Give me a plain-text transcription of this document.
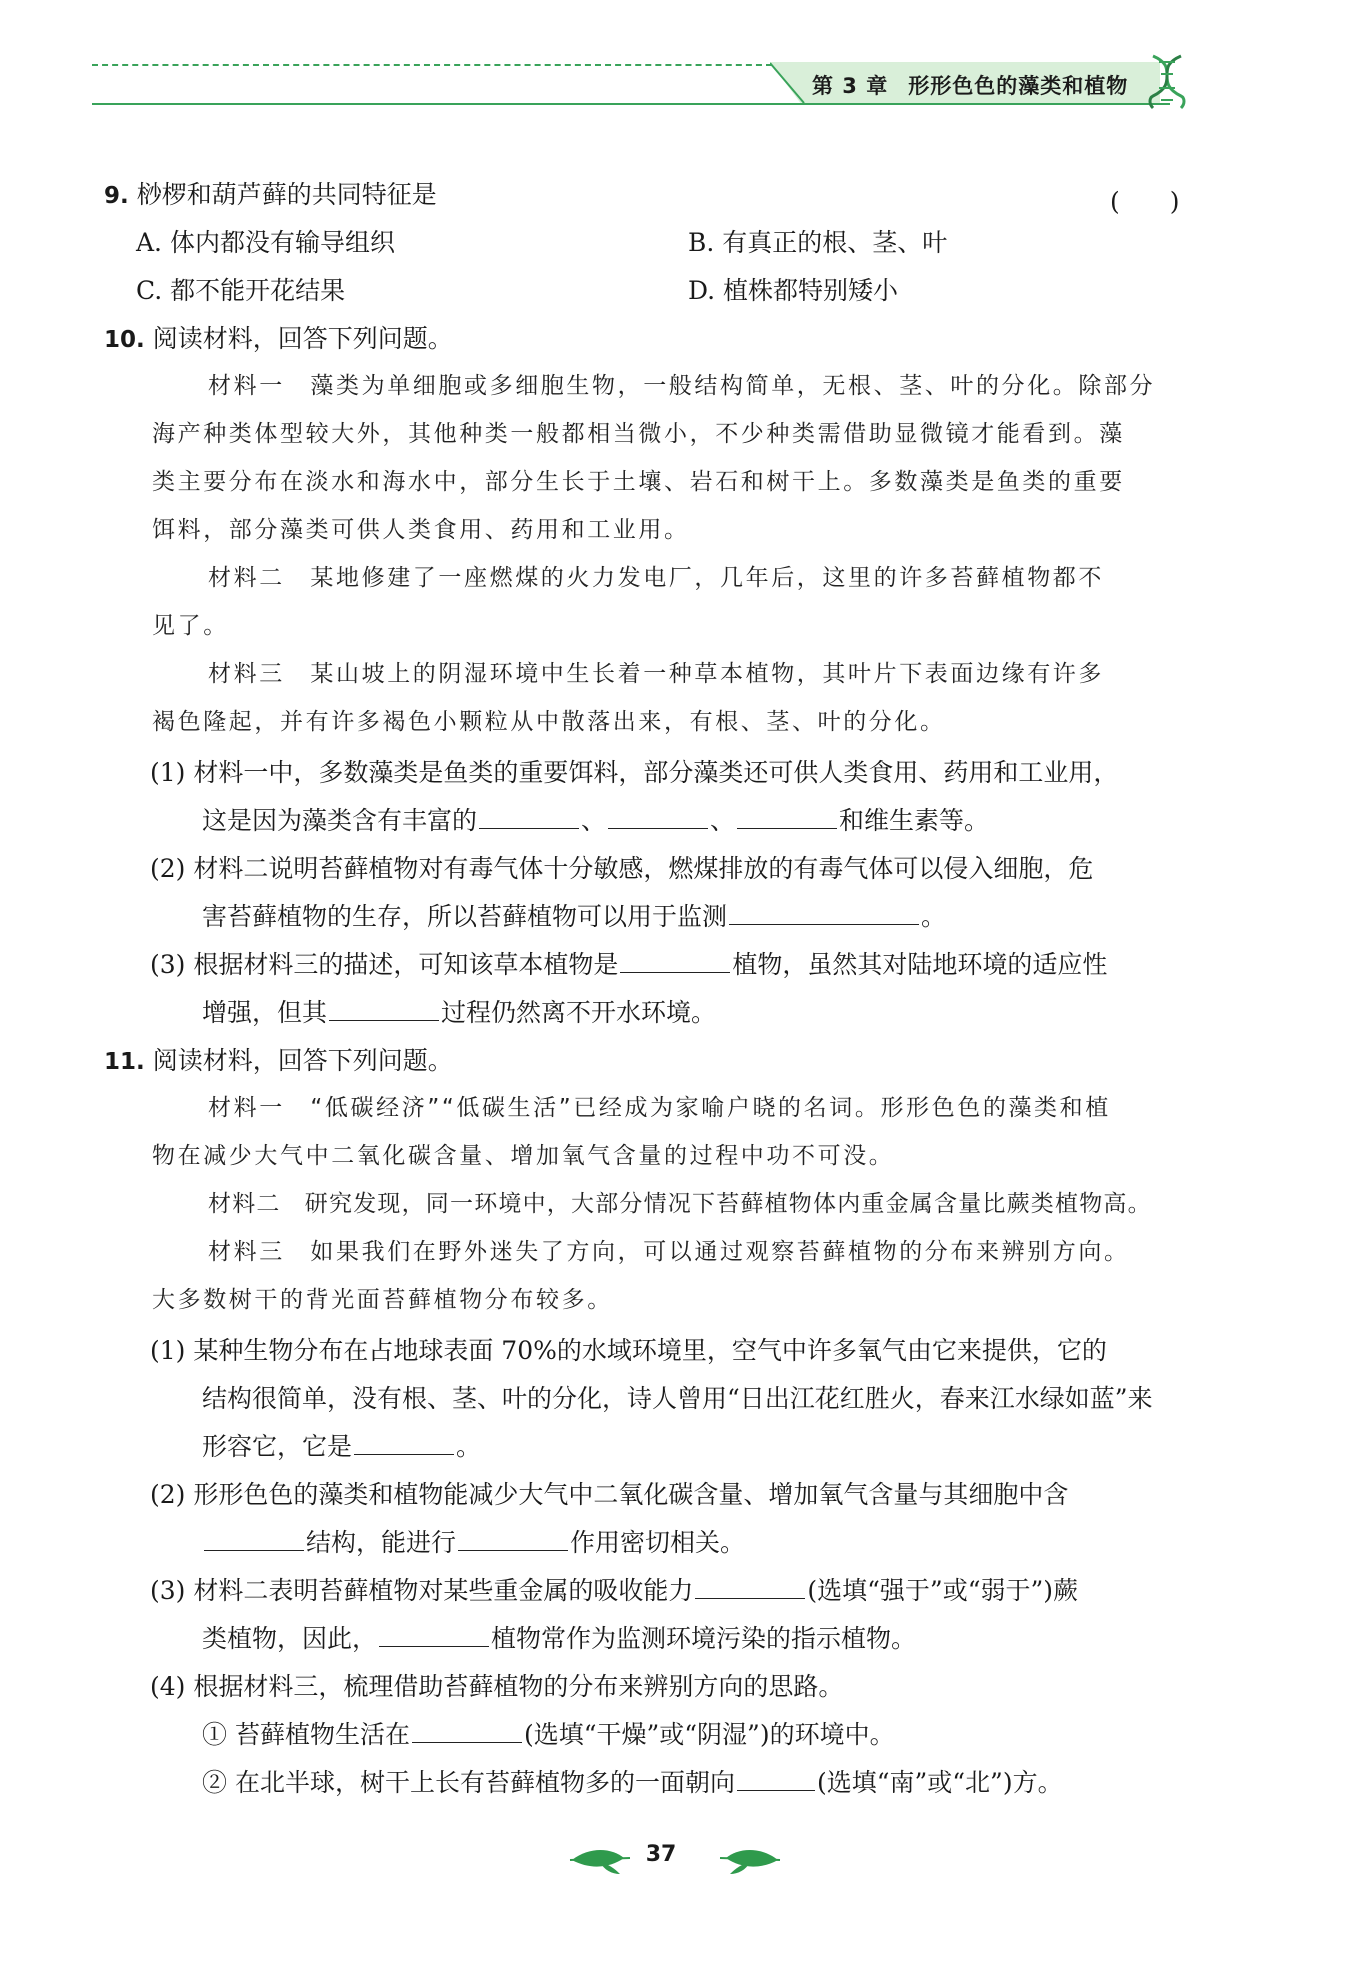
第 3 章 形形色色的藻类和植物
9. 桫椤和葫芦藓的共同特征是	(　　)
A. 体内都没有输导组织	B. 有真正的根、茎、叶
C. 都不能开花结果	D. 植株都特别矮小
10. 阅读材料，回答下列问题。
材料一　藻类为单细胞或多细胞生物，一般结构简单，无根、茎、叶的分化。除部分
海产种类体型较大外，其他种类一般都相当微小，不少种类需借助显微镜才能看到。藻
类主要分布在淡水和海水中，部分生长于土壤、岩石和树干上。多数藻类是鱼类的重要
饵料，部分藻类可供人类食用、药用和工业用。
材料二　某地修建了一座燃煤的火力发电厂，几年后，这里的许多苔藓植物都不
见了。
材料三　某山坡上的阴湿环境中生长着一种草本植物，其叶片下表面边缘有许多
褐色隆起，并有许多褐色小颗粒从中散落出来，有根、茎、叶的分化。
(1) 材料一中，多数藻类是鱼类的重要饵料，部分藻类还可供人类食用、药用和工业用，
这是因为藻类含有丰富的	、	、	和维生素等。
(2) 材料二说明苔藓植物对有毒气体十分敏感，燃煤排放的有毒气体可以侵入细胞，危
害苔藓植物的生存，所以苔藓植物可以用于监测	。
(3) 根据材料三的描述，可知该草本植物是	植物，虽然其对陆地环境的适应性
增强，但其	过程仍然离不开水环境。
11. 阅读材料，回答下列问题。
材料一　“低碳经济”“低碳生活”已经成为家喻户晓的名词。形形色色的藻类和植
物在减少大气中二氧化碳含量、增加氧气含量的过程中功不可没。
材料二　研究发现，同一环境中，大部分情况下苔藓植物体内重金属含量比蕨类植物高。
材料三　如果我们在野外迷失了方向，可以通过观察苔藓植物的分布来辨别方向。
大多数树干的背光面苔藓植物分布较多。
(1) 某种生物分布在占地球表面 70%的水域环境里，空气中许多氧气由它来提供，它的
结构很简单，没有根、茎、叶的分化，诗人曾用“日出江花红胜火，春来江水绿如蓝”来
形容它，它是	。
(2) 形形色色的藻类和植物能减少大气中二氧化碳含量、增加氧气含量与其细胞中含
结构，能进行	作用密切相关。
(3) 材料二表明苔藓植物对某些重金属的吸收能力	(选填“强于”或“弱于”)蕨
类植物，因此，	植物常作为监测环境污染的指示植物。
(4) 根据材料三，梳理借助苔藓植物的分布来辨别方向的思路。
① 苔藓植物生活在	(选填“干燥”或“阴湿”)的环境中。
② 在北半球，树干上长有苔藓植物多的一面朝向	(选填“南”或“北”)方。
37
